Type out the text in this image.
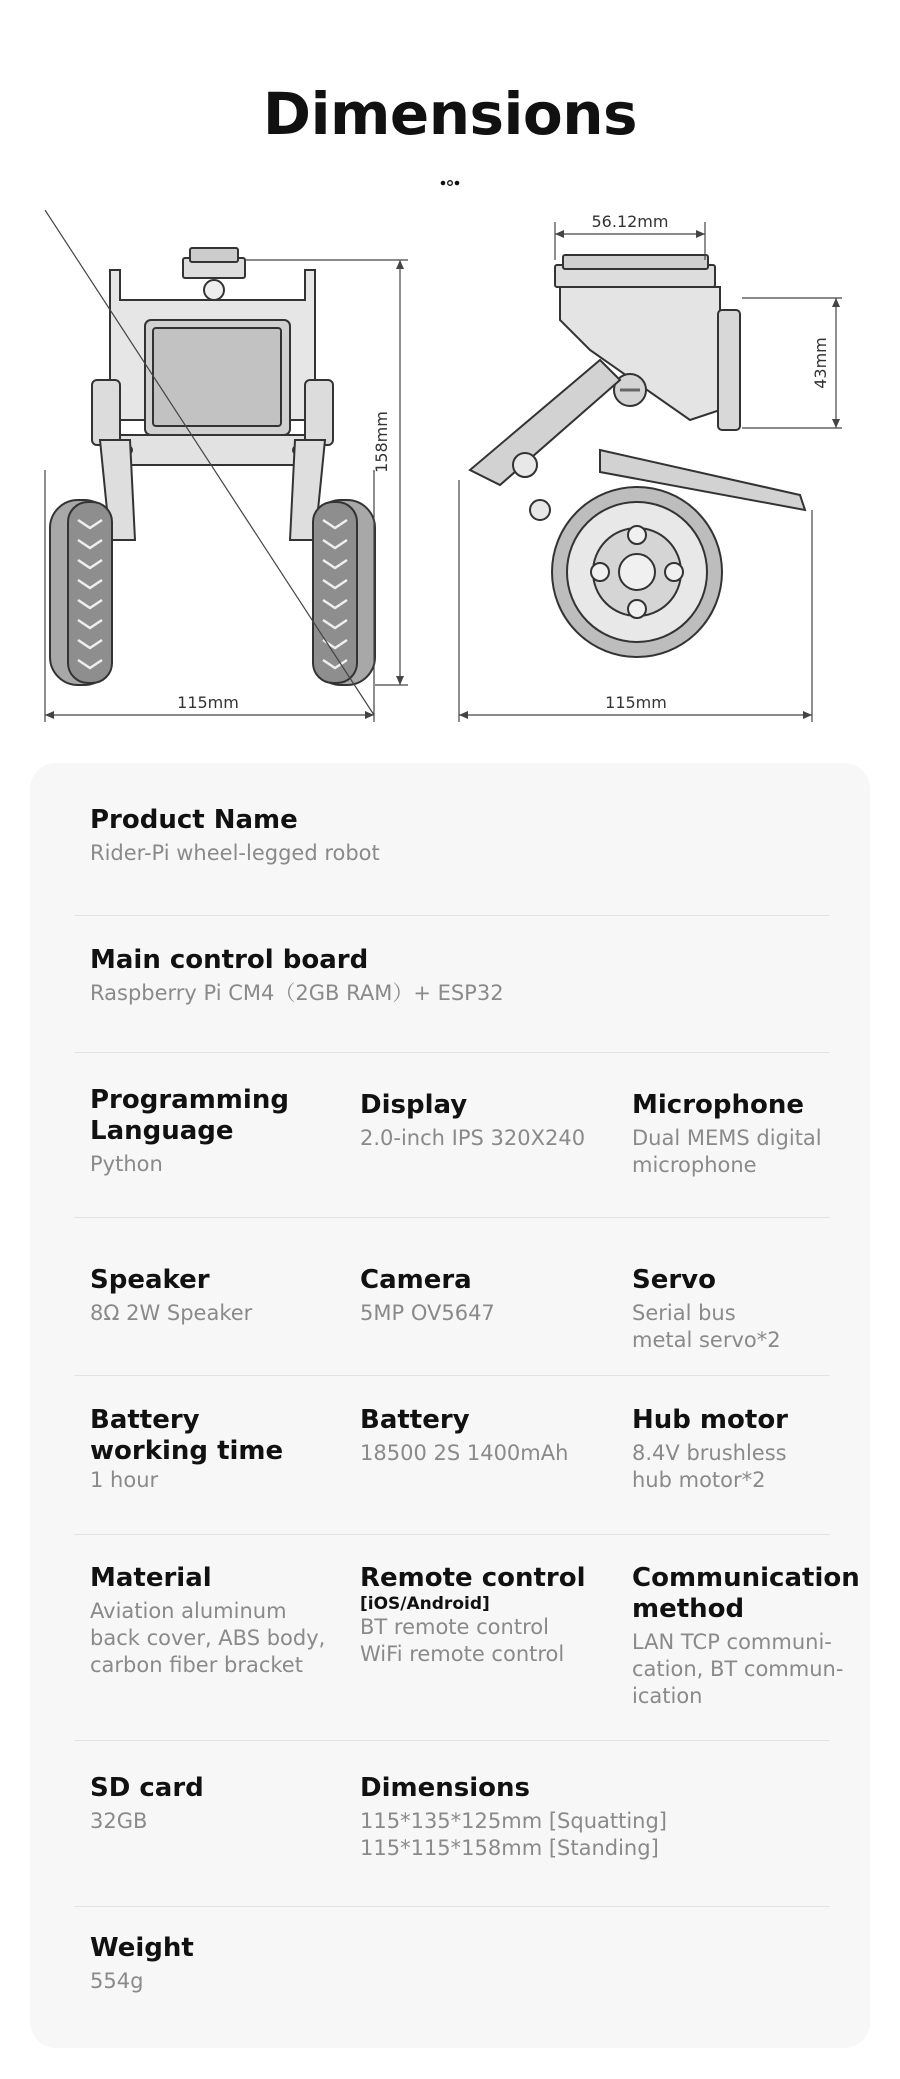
Dimensions
115mm
158mm
115mm
56.12mm
43mm
Product Name
Rider-Pi wheel-legged robot
Main control board
Raspberry Pi CM4（2GB RAM）+ ESP32
Programming
Language
Python
Display
2.0-inch IPS 320X240
Microphone
Dual MEMS digital
microphone
Speaker
8Ω 2W Speaker
Camera
5MP OV5647
Servo
Serial bus
metal servo*2
Battery
working time
1 hour
Battery
18500 2S 1400mAh
Hub motor
8.4V brushless
hub motor*2
Material
Aviation aluminum
back cover, ABS body,
carbon fiber bracket
Remote control
[iOS/Android]
BT remote control
WiFi remote control
Communication
method
LAN TCP communi-
cation, BT commun-
ication
SD card
32GB
Dimensions
115*135*125mm [Squatting]
115*115*158mm [Standing]
Weight
554g
